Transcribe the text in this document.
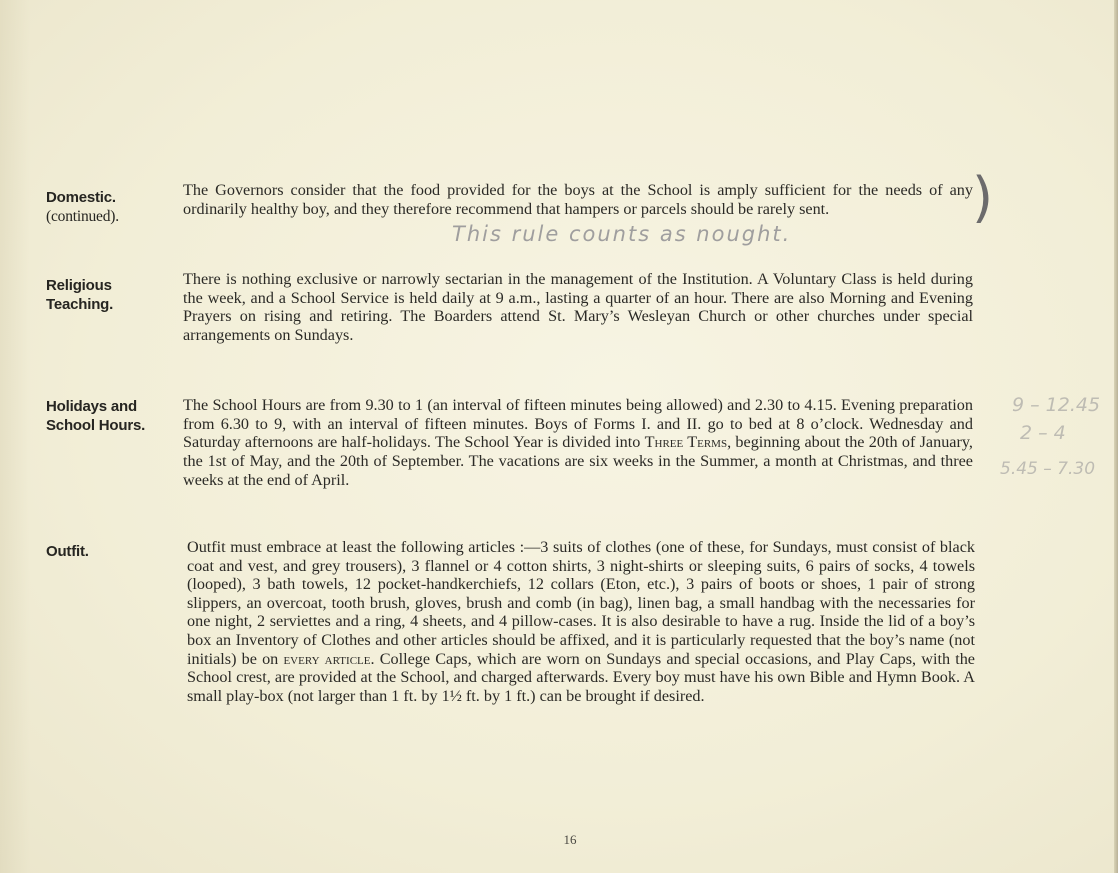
Domestic.
(continued).

The Governors consider that the food provided for the boys at the School is amply sufficient for the needs of any ordinarily healthy boy, and they therefore recommend that hampers or parcels should be rarely sent.

This rule counts as nought.
)
Religious
Teaching.

There is nothing exclusive or narrowly sectarian in the management of the Institution. A Voluntary Class is held during the week, and a School Service is held daily at 9 a.m., lasting a quarter of an hour. There are also Morning and Evening Prayers on rising and retiring. The Boarders attend St. Mary’s Wesleyan Church or other churches under special arrangements on Sundays.

Holidays and
School Hours.

The School Hours are from 9.30 to 1 (an interval of fifteen minutes being allowed) and 2.30 to 4.15. Evening preparation from 6.30 to 9, with an interval of fifteen minutes. Boys of Forms I. and II. go to bed at 8 o’clock. Wednesday and Saturday afternoons are half-holidays. The School Year is divided into Three Terms, beginning about the 20th of January, the 1st of May, and the 20th of September. The vacations are six weeks in the Summer, a month at Christmas, and three weeks at the end of April.

9 – 12.45
2 – 4
5.45 – 7.30
Outfit.	Outfit must embrace at least the following articles :—3 suits of clothes (one of these, for Sundays, must consist of black coat and vest, and grey trousers), 3 flannel or 4 cotton shirts, 3 night-shirts or sleeping suits, 6 pairs of socks, 4 towels (looped), 3 bath towels, 12 pocket-handkerchiefs, 12 collars (Eton, etc.), 3 pairs of boots or shoes, 1 pair of strong slippers, an overcoat, tooth brush, gloves, brush and comb (in bag), linen bag, a small handbag with the necessaries for one night, 2 serviettes and a ring, 4 sheets, and 4 pillow-cases. It is also desirable to have a rug. Inside the lid of a boy’s box an Inventory of Clothes and other articles should be affixed, and it is particularly requested that the boy’s name (not initials) be on every article. College Caps, which are worn on Sundays and special occasions, and Play Caps, with the School crest, are provided at the School, and charged afterwards. Every boy must have his own Bible and Hymn Book. A small play-box (not larger than 1 ft. by 1½ ft. by 1 ft.) can be brought if desired.

16
